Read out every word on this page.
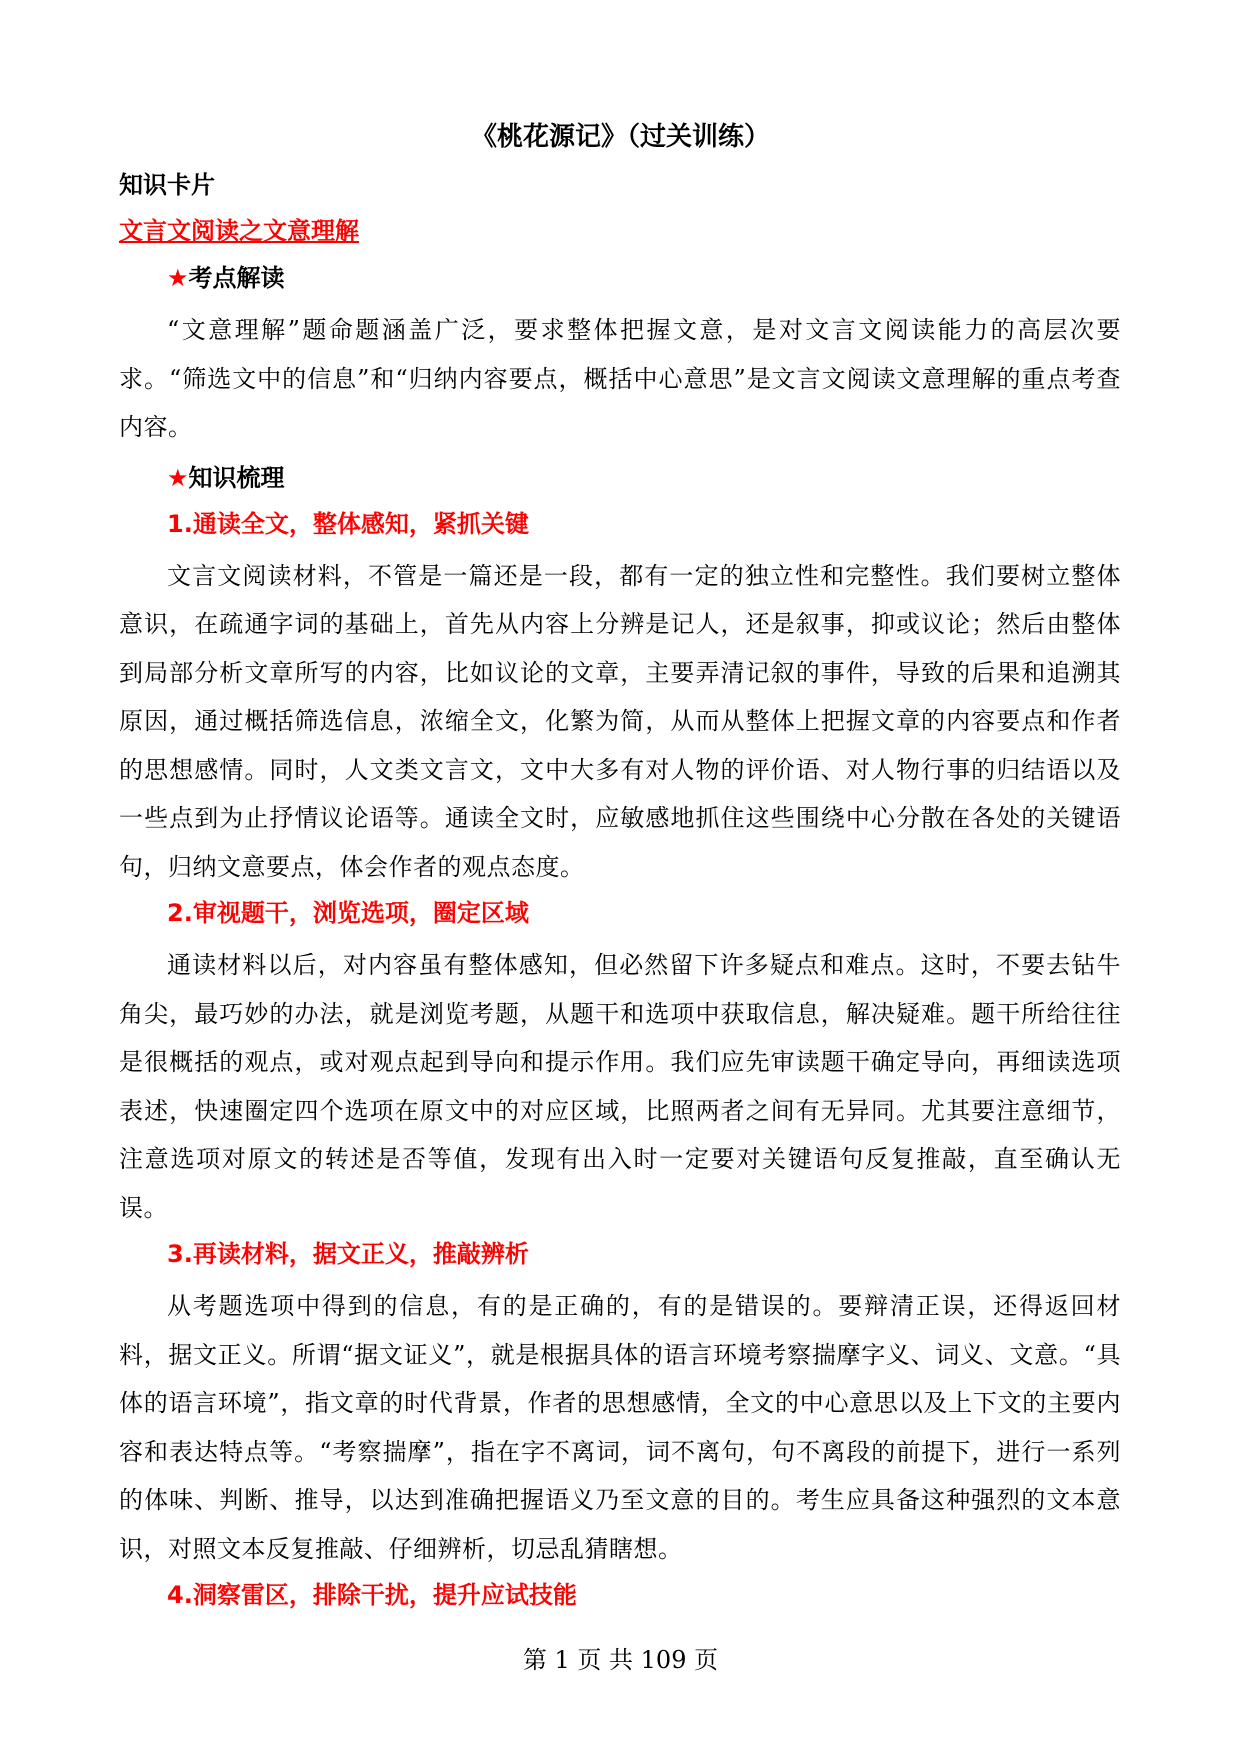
《桃花源记》（过关训练）
知识卡片
文言文阅读之文意理解
★考点解读

“文意理解”题命题涵盖广泛，要求整体把握文意，是对文言文阅读能力的高层次要求。“筛选文中的信息”和“归纳内容要点，概括中心意思”是文言文阅读文意理解的重点考查内容。

★知识梳理
1.通读全文，整体感知，紧抓关键

文言文阅读材料，不管是一篇还是一段，都有一定的独立性和完整性。我们要树立整体意识，在疏通字词的基础上，首先从内容上分辨是记人，还是叙事，抑或议论；然后由整体到局部分析文章所写的内容，比如议论的文章，主要弄清记叙的事件，导致的后果和追溯其原因，通过概括筛选信息，浓缩全文，化繁为简，从而从整体上把握文章的内容要点和作者的思想感情。同时，人文类文言文，文中大多有对人物的评价语、对人物行事的归结语以及一些点到为止抒情议论语等。通读全文时，应敏感地抓住这些围绕中心分散在各处的关键语句，归纳文意要点，体会作者的观点态度。

2.审视题干，浏览选项，圈定区域

通读材料以后，对内容虽有整体感知，但必然留下许多疑点和难点。这时，不要去钻牛角尖，最巧妙的办法，就是浏览考题，从题干和选项中获取信息，解决疑难。题干所给往往是很概括的观点，或对观点起到导向和提示作用。我们应先审读题干确定导向，再细读选项表述，快速圈定四个选项在原文中的对应区域，比照两者之间有无异同。尤其要注意细节，注意选项对原文的转述是否等值，发现有出入时一定要对关键语句反复推敲，直至确认无误。

3.再读材料，据文正义，推敲辨析

从考题选项中得到的信息，有的是正确的，有的是错误的。要辩清正误，还得返回材料，据文正义。所谓“据文证义”，就是根据具体的语言环境考察揣摩字义、词义、文意。“具体的语言环境”，指文章的时代背景，作者的思想感情，全文的中心意思以及上下文的主要内容和表达特点等。“考察揣摩”，指在字不离词，词不离句，句不离段的前提下，进行一系列的体味、判断、推导，以达到准确把握语义乃至文意的目的。考生应具备这种强烈的文本意识，对照文本反复推敲、仔细辨析，切忌乱猜瞎想。

4.洞察雷区，排除干扰，提升应试技能
第 1 页 共 109 页
